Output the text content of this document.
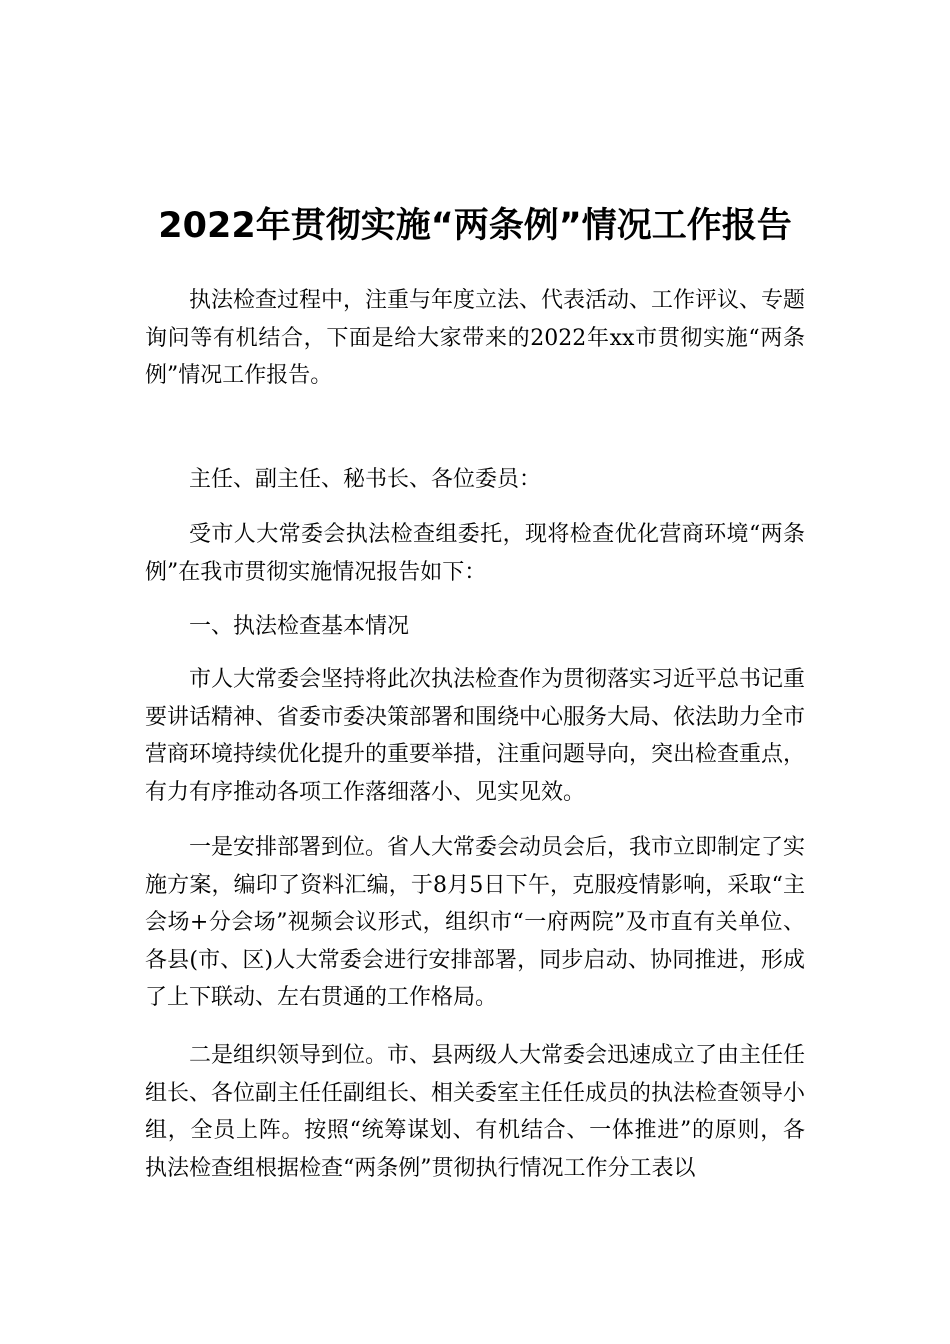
2022年贯彻实施“两条例”情况工作报告

执法检查过程中，注重与年度立法、代表活动、工作评议、专题询问等有机结合，下面是给大家带来的2022年xx市贯彻实施“两条例”情况工作报告。

主任、副主任、秘书长、各位委员：

受市人大常委会执法检查组委托，现将检查优化营商环境“两条例”在我市贯彻实施情况报告如下：

一、执法检查基本情况

市人大常委会坚持将此次执法检查作为贯彻落实习近平总书记重要讲话精神、省委市委决策部署和围绕中心服务大局、依法助力全市营商环境持续优化提升的重要举措，注重问题导向，突出检查重点，有力有序推动各项工作落细落小、见实见效。

一是安排部署到位。省人大常委会动员会后，我市立即制定了实施方案，编印了资料汇编，于8月5日下午，克服疫情影响，采取“主会场+分会场”视频会议形式，组织市“一府两院”及市直有关单位、各县(市、区)人大常委会进行安排部署，同步启动、协同推进，形成了上下联动、左右贯通的工作格局。

二是组织领导到位。市、县两级人大常委会迅速成立了由主任任组长、各位副主任任副组长、相关委室主任任成员的执法检查领导小组，全员上阵。按照“统筹谋划、有机结合、一体推进”的原则，各执法检查组根据检查“两条例”贯彻执行情况工作分工表以
